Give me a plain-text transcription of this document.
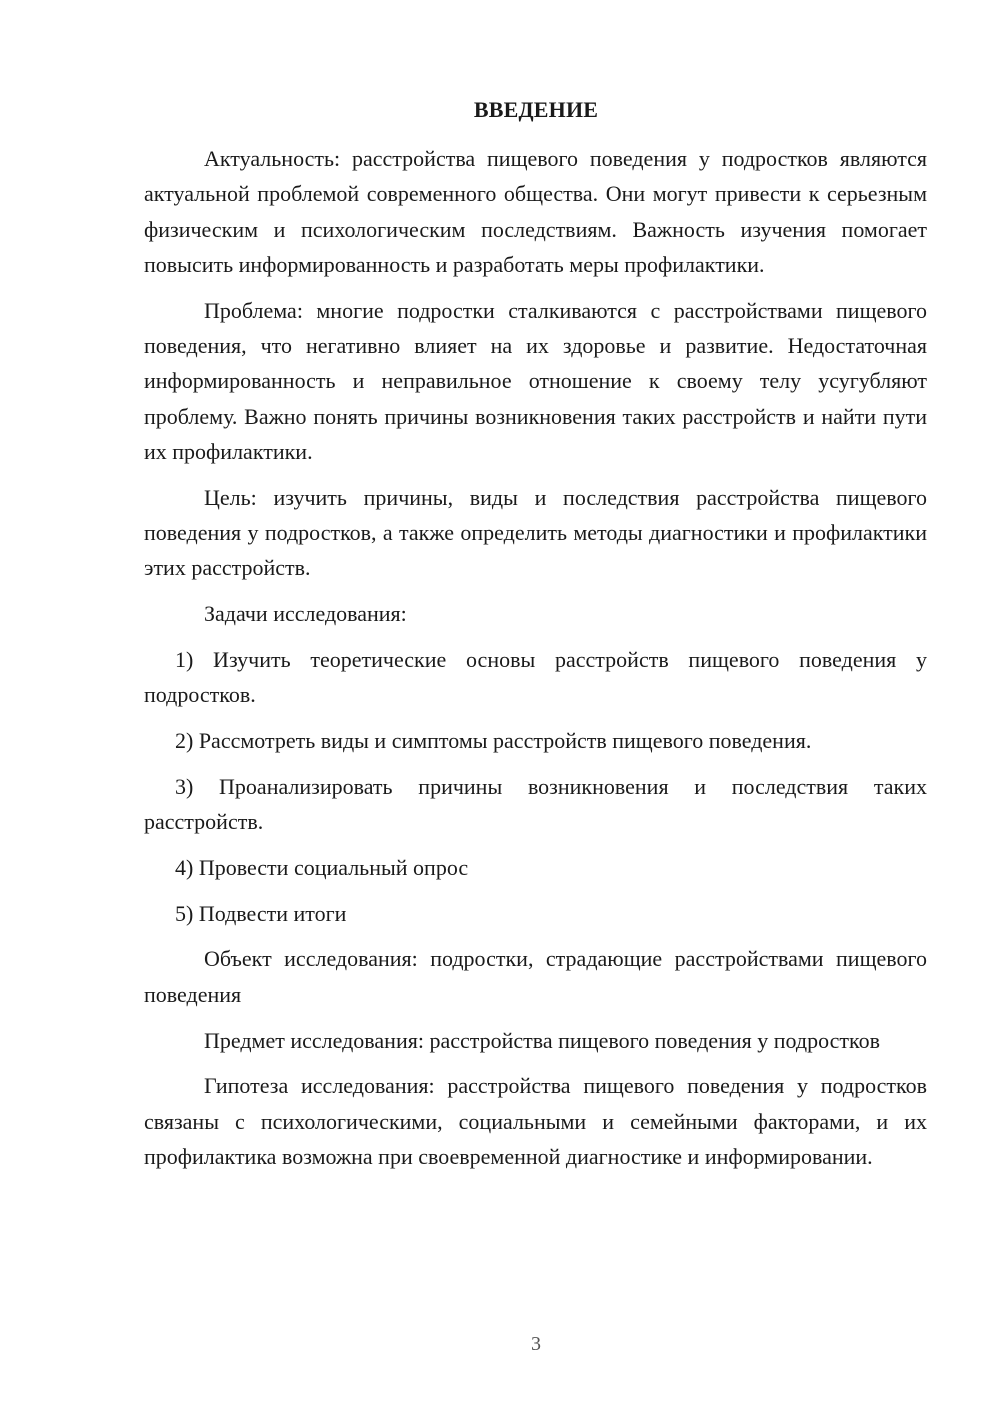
ВВЕДЕНИЕ

Актуальность: расстройства пищевого поведения у подростков являются актуальной проблемой современного общества. Они могут привести к серьезным физическим и психологическим последствиям. Важность изучения помогает повысить информированность и разработать меры профилактики.

Проблема: многие подростки сталкиваются с расстройствами пищевого поведения, что негативно влияет на их здоровье и развитие. Недостаточная информированность и неправильное отношение к своему телу усугубляют проблему. Важно понять причины возникновения таких расстройств и найти пути их профилактики.

Цель: изучить причины, виды и последствия расстройства пищевого поведения у подростков, а также определить методы диагностики и профилактики этих расстройств.

Задачи исследования:

1) Изучить теоретические основы расстройств пищевого поведения у подростков.

2) Рассмотреть виды и симптомы расстройств пищевого поведения.

3) Проанализировать причины возникновения и последствия таких расстройств.

4) Провести социальный опрос

5) Подвести итоги

Объект исследования: подростки, страдающие расстройствами пищевого поведения

Предмет исследования: расстройства пищевого поведения у подростков

Гипотеза исследования: расстройства пищевого поведения у подростков связаны с психологическими, социальными и семейными факторами, и их профилактика возможна при своевременной диагностике и информировании.

3
